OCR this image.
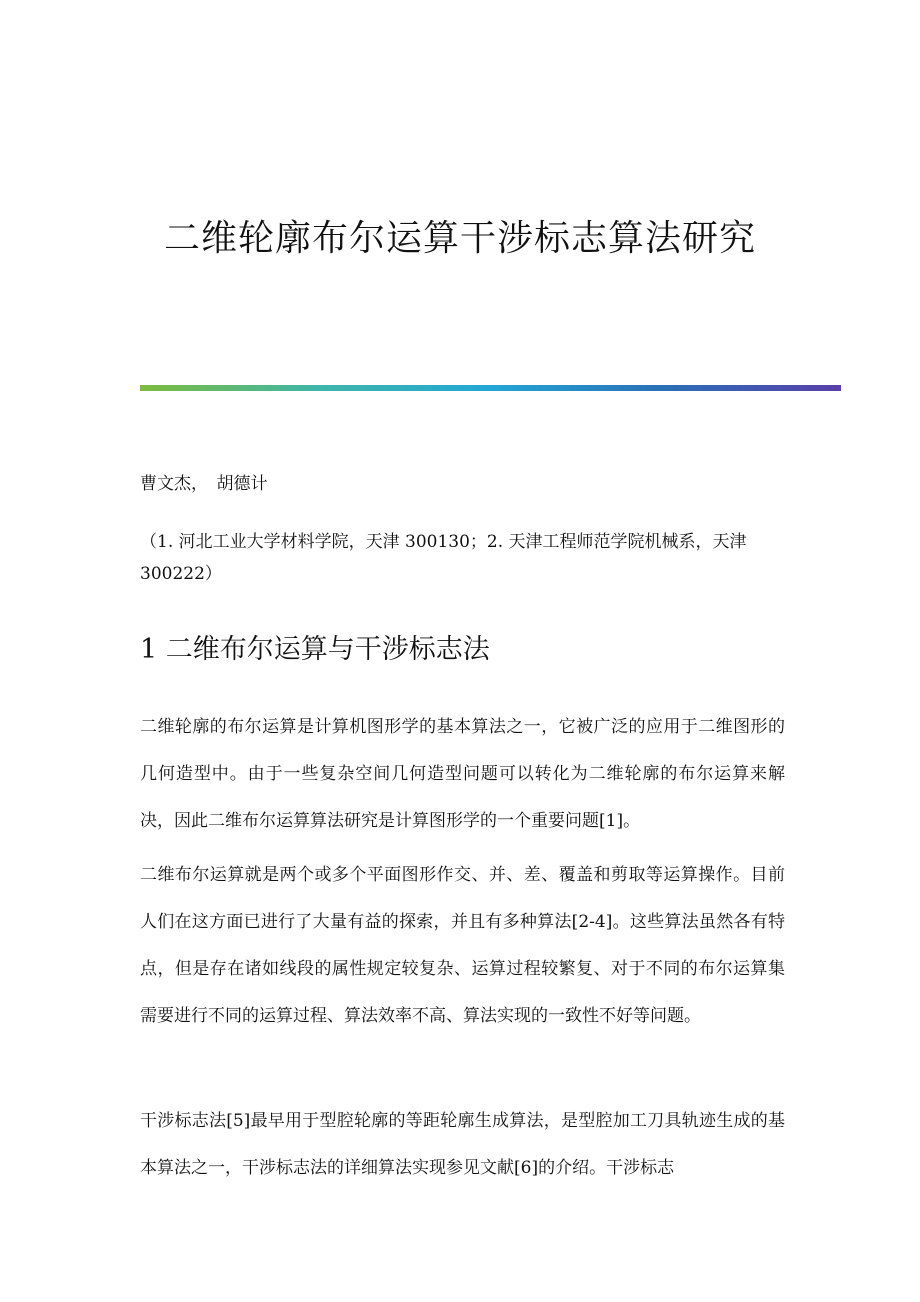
二维轮廓布尔运算干涉标志算法研究
曹文杰，　胡德计
（1. 河北工业大学材料学院，天津 300130；2. 天津工程师范学院机械系，天津 300222）
1 二维布尔运算与干涉标志法

二维轮廓的布尔运算是计算机图形学的基本算法之一，它被广泛的应用于二维图形的几何造型中。由于一些复杂空间几何造型问题可以转化为二维轮廓的布尔运算来解决，因此二维布尔运算算法研究是计算图形学的一个重要问题[1]。

二维布尔运算就是两个或多个平面图形作交、并、差、覆盖和剪取等运算操作。目前人们在这方面已进行了大量有益的探索，并且有多种算法[2-4]。这些算法虽然各有特点，但是存在诸如线段的属性规定较复杂、运算过程较繁复、对于不同的布尔运算集需要进行不同的运算过程、算法效率不高、算法实现的一致性不好等问题。

干涉标志法[5]最早用于型腔轮廓的等距轮廓生成算法，是型腔加工刀具轨迹生成的基本算法之一，干涉标志法的详细算法实现参见文献[6]的介绍。干涉标志
